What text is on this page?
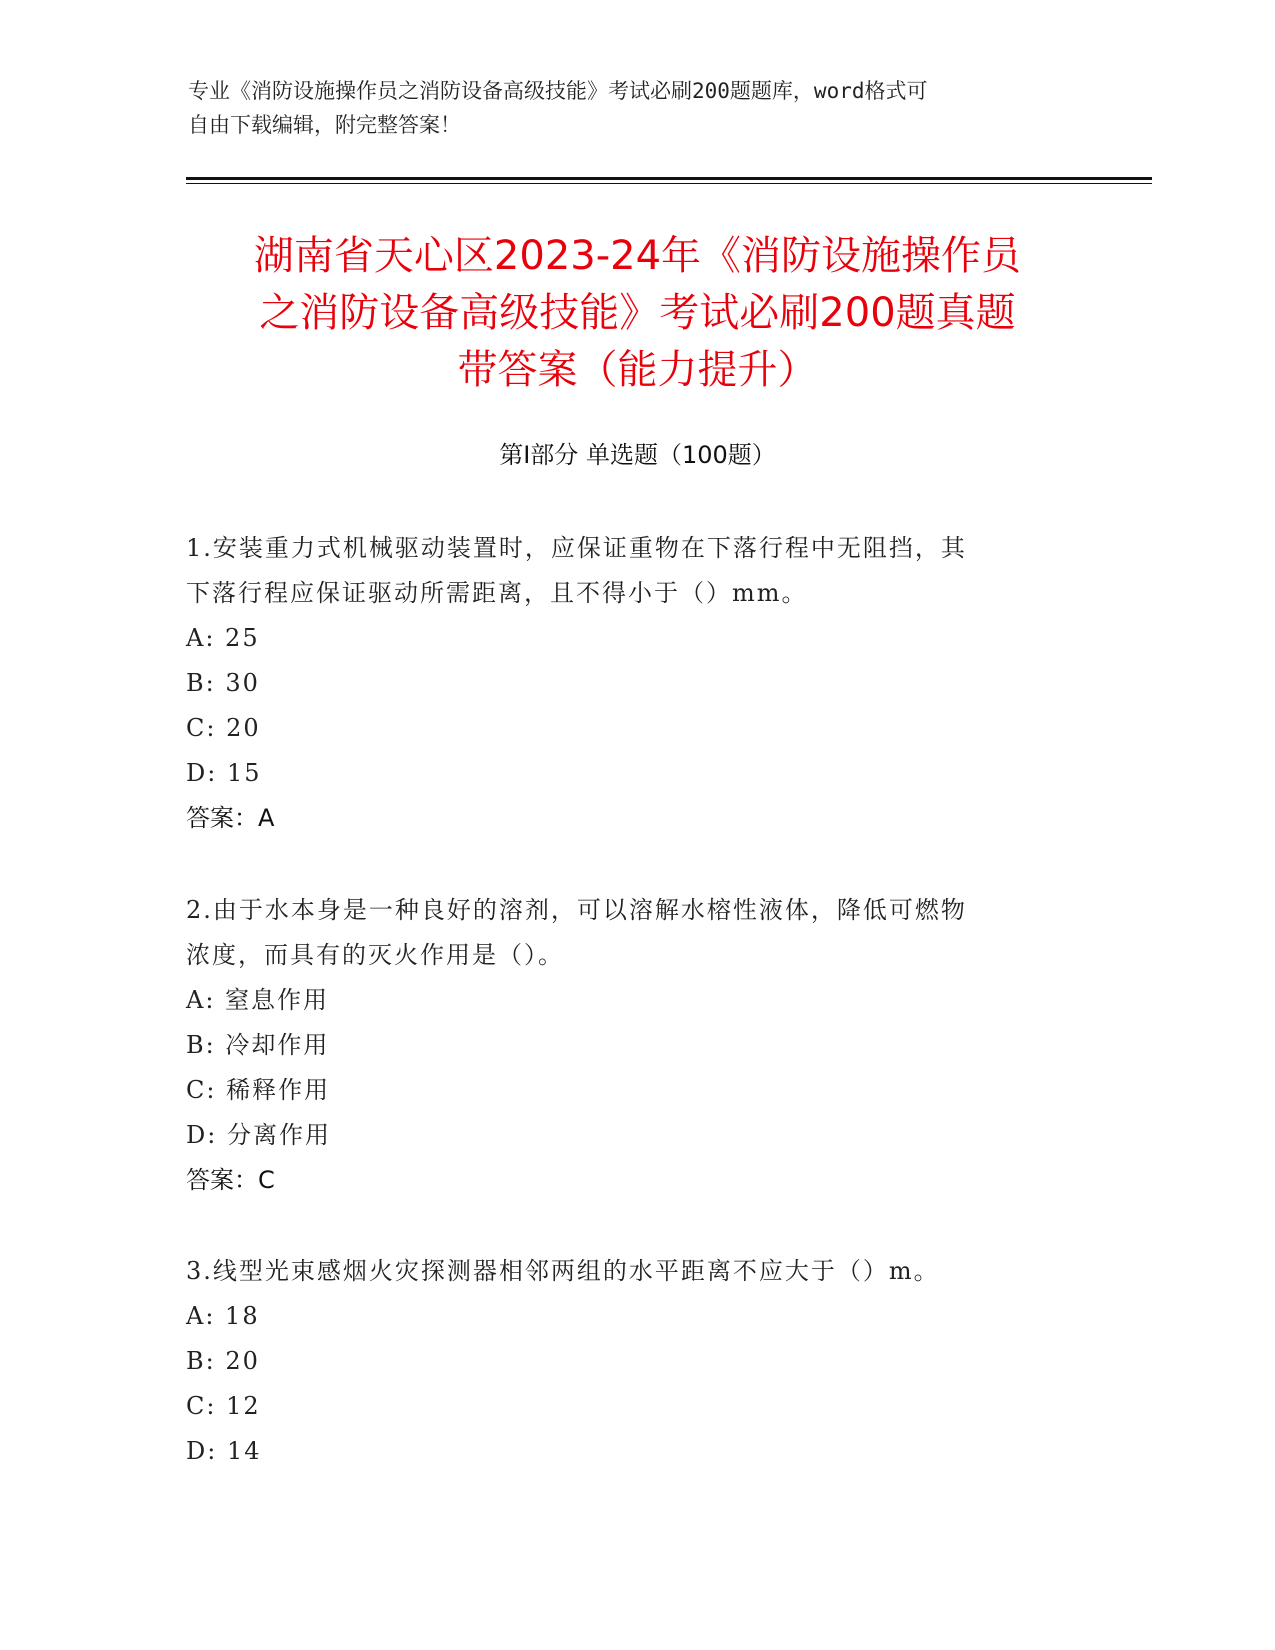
专业《消防设施操作员之消防设备高级技能》考试必刷200题题库，word格式可
自由下载编辑，附完整答案！
湖南省天心区2023-24年《消防设施操作员
之消防设备高级技能》考试必刷200题真题
带答案（能力提升）
第Ⅰ部分 单选题（100题）

1.安装重力式机械驱动装置时，应保证重物在下落行程中无阻挡，其

下落行程应保证驱动所需距离，且不得小于（）mm。

A: 25

B: 30

C: 20

D: 15

答案：A

2.由于水本身是一种良好的溶剂，可以溶解水榕性液体，降低可燃物

浓度，而具有的灭火作用是（）。

A: 窒息作用

B: 冷却作用

C: 稀释作用

D: 分离作用

答案：C

3.线型光束感烟火灾探测器相邻两组的水平距离不应大于（）m。

A: 18

B: 20

C: 12

D: 14
